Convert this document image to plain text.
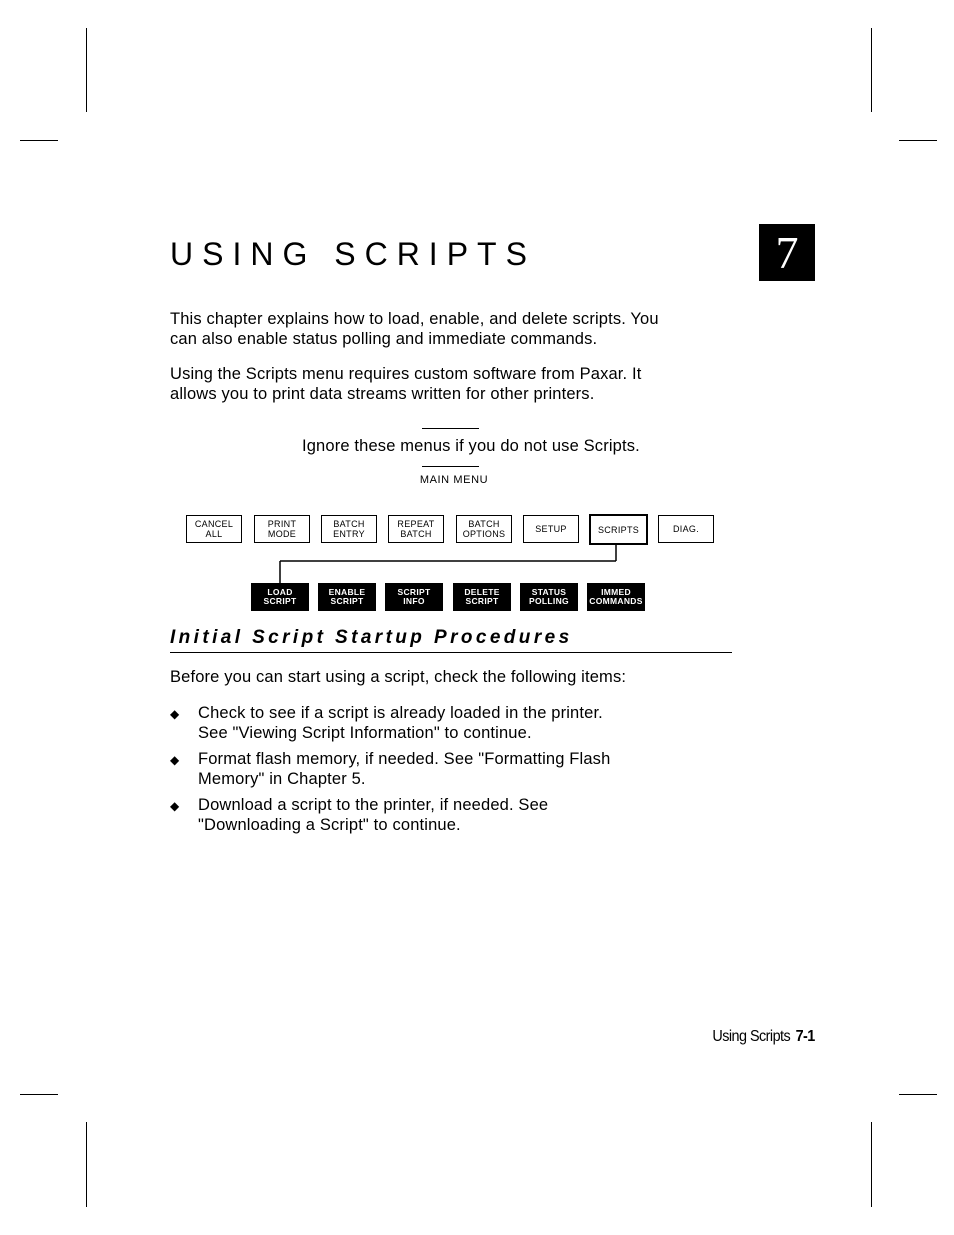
USING SCRIPTS	7

This chapter explains how to load, enable, and delete scripts. You
can also enable status polling and immediate commands.

Using the Scripts menu requires custom software from Paxar. It
allows you to print data streams written for other printers.

Ignore these menus if you do not use Scripts.

MAIN MENU
CANCEL
ALL
PRINT
MODE
BATCH
ENTRY
REPEAT
BATCH
BATCH
OPTIONS	SETUP	SCRIPTS	DIAG.
LOAD
SCRIPT
ENABLE
SCRIPT
SCRIPT
INFO
DELETE
SCRIPT
STATUS
POLLING
IMMED
COMMANDS
Initial Script Startup Procedures

Before you can start using a script, check the following items:

◆ Check to see if a script is already loaded in the printer.
See "Viewing Script Information" to continue.
◆ Format flash memory, if needed. See "Formatting Flash
Memory" in Chapter 5.
◆ Download a script to the printer, if needed. See
"Downloading a Script" to continue.
Using Scripts 7-1
